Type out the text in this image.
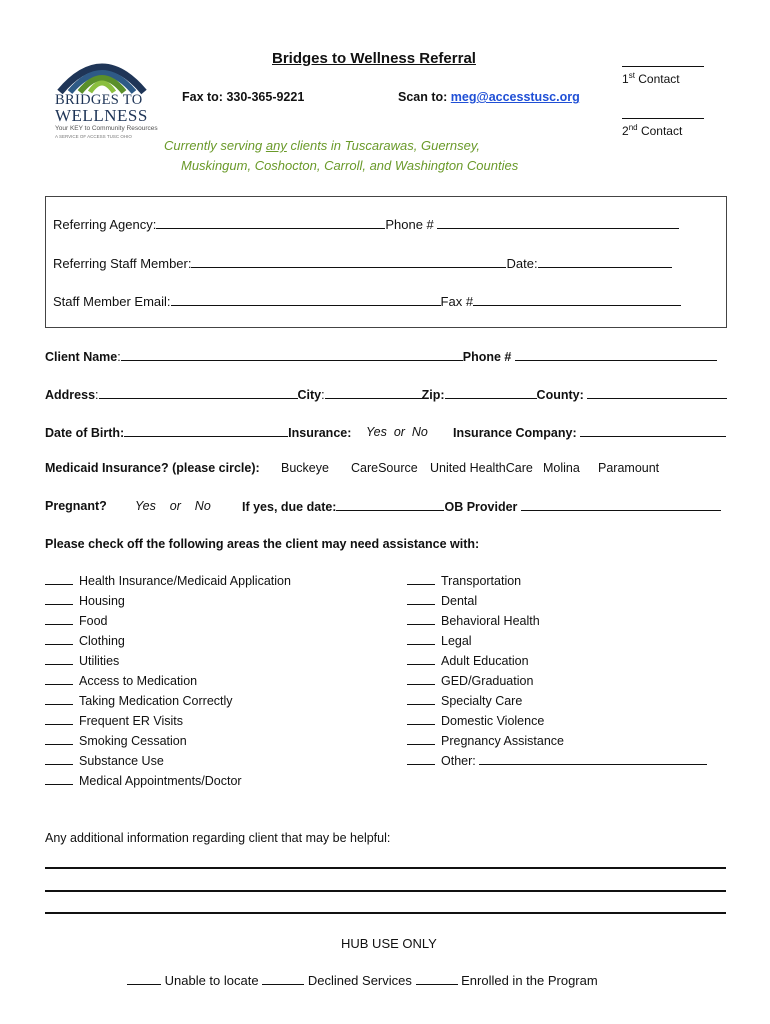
BRIDGES TO
WELLNESS
Your KEY to Community Resources
A SERVICE OF ACCESS TUSC OHIO
Bridges to Wellness Referral
Fax to: 330-365-9221	Scan to: meg@accesstusc.org
1st Contact
2nd Contact
Currently serving any clients in Tuscarawas, Guernsey,
Muskingum, Coshocton, Carroll, and Washington Counties
Referring Agency:	Phone #
Referring Staff Member:	Date:
Staff Member Email:	Fax #
Client Name:	Phone #
Address:	City:	Zip:	County:
Date of Birth:	Insurance: Yes or No Insurance Company:
Medicaid Insurance? (please circle): Buckeye CareSource United HealthCare Molina Paramount
Pregnant? Yes or No If yes, due date:	OB Provider
Please check off the following areas the client may need assistance with:
Health Insurance/Medicaid Application
Housing
Food
Clothing
Utilities
Access to Medication
Taking Medication Correctly
Frequent ER Visits
Smoking Cessation
Substance Use
Medical Appointments/Doctor
Transportation
Dental
Behavioral Health
Legal
Adult Education
GED/Graduation
Specialty Care
Domestic Violence
Pregnancy Assistance
Other:
Any additional information regarding client that may be helpful:
HUB USE ONLY
Unable to locate	Declined Services	Enrolled in the Program
